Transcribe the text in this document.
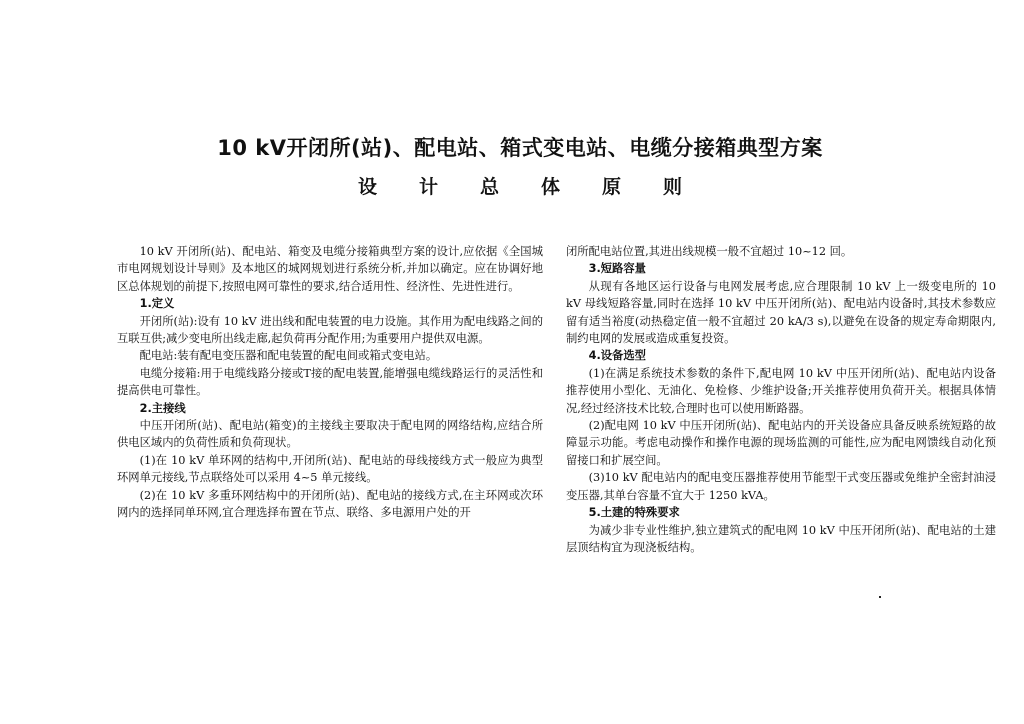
10 kV开闭所(站)、配电站、箱式变电站、电缆分接箱典型方案
设计总体原则

10 kV 开闭所(站)、配电站、箱变及电缆分接箱典型方案的设计,应依据《全国城市电网规划设计导则》及本地区的城网规划进行系统分析,并加以确定。应在协调好地区总体规划的前提下,按照电网可靠性的要求,结合适用性、经济性、先进性进行。

1.定义

开闭所(站):设有 10 kV 进出线和配电装置的电力设施。其作用为配电线路之间的互联互供;减少变电所出线走廊,起负荷再分配作用;为重要用户提供双电源。

配电站:装有配电变压器和配电装置的配电间或箱式变电站。

电缆分接箱:用于电缆线路分接或T接的配电装置,能增强电缆线路运行的灵活性和提高供电可靠性。

2.主接线

中压开闭所(站)、配电站(箱变)的主接线主要取决于配电网的网络结构,应结合所供电区域内的负荷性质和负荷现状。

(1)在 10 kV 单环网的结构中,开闭所(站)、配电站的母线接线方式一般应为典型环网单元接线,节点联络处可以采用 4~5 单元接线。

(2)在 10 kV 多重环网结构中的开闭所(站)、配电站的接线方式,在主环网或次环网内的选择同单环网,宜合理选择布置在节点、联络、多电源用户处的开

闭所配电站位置,其进出线规模一般不宜超过 10~12 回。

3.短路容量

从现有各地区运行设备与电网发展考虑,应合理限制 10 kV 上一级变电所的 10 kV 母线短路容量,同时在选择 10 kV 中压开闭所(站)、配电站内设备时,其技术参数应留有适当裕度(动热稳定值一般不宜超过 20 kA/3 s),以避免在设备的规定寿命期限内,制约电网的发展或造成重复投资。

4.设备选型

(1)在满足系统技术参数的条件下,配电网 10 kV 中压开闭所(站)、配电站内设备推荐使用小型化、无油化、免检修、少维护设备;开关推荐使用负荷开关。根据具体情况,经过经济技术比较,合理时也可以使用断路器。

(2)配电网 10 kV 中压开闭所(站)、配电站内的开关设备应具备反映系统短路的故障显示功能。考虑电动操作和操作电源的现场监测的可能性,应为配电网馈线自动化预留接口和扩展空间。

(3)10 kV 配电站内的配电变压器推荐使用节能型干式变压器或免维护全密封油浸变压器,其单台容量不宜大于 1250 kVA。

5.土建的特殊要求

为减少非专业性维护,独立建筑式的配电网 10 kV 中压开闭所(站)、配电站的土建层顶结构宜为现浇板结构。
